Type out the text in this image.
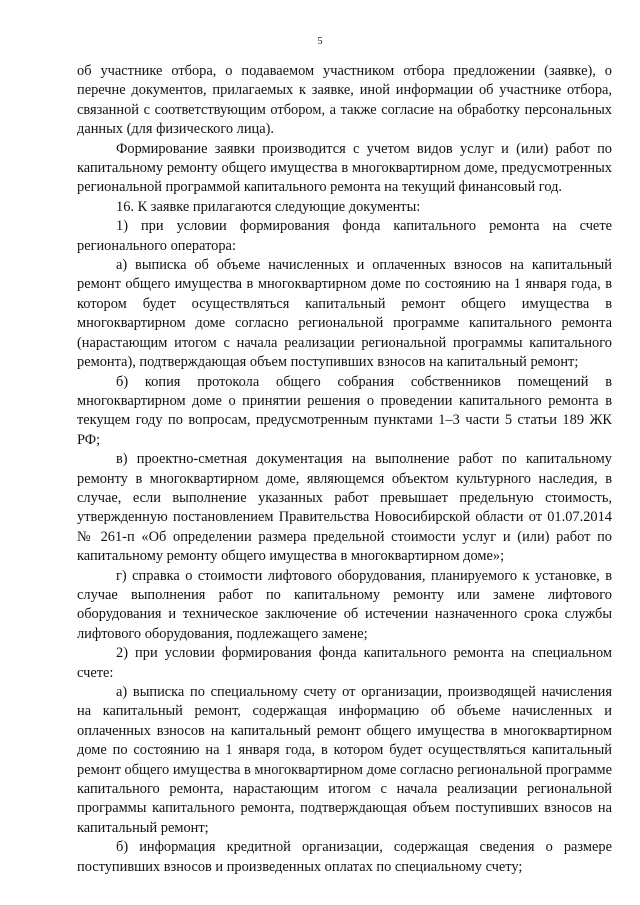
5

об участнике отбора, о подаваемом участником отбора предложении (заявке), о перечне документов, прилагаемых к заявке, иной информации об участнике отбора, связанной с соответствующим отбором, а также согласие на обработку персональных данных (для физического лица).

Формирование заявки производится с учетом видов услуг и (или) работ по капитальному ремонту общего имущества в многоквартирном доме, предусмотренных региональной программой капитального ремонта на текущий финансовый год.

16. К заявке прилагаются следующие документы:

1) при условии формирования фонда капитального ремонта на счете регионального оператора:

а) выписка об объеме начисленных и оплаченных взносов на капитальный ремонт общего имущества в многоквартирном доме по состоянию на 1 января года, в котором будет осуществляться капитальный ремонт общего имущества в многоквартирном доме согласно региональной программе капитального ремонта (нарастающим итогом с начала реализации региональной программы капитального ремонта), подтверждающая объем поступивших взносов на капитальный ремонт;

б) копия протокола общего собрания собственников помещений в многоквартирном доме о принятии решения о проведении капитального ремонта в текущем году по вопросам, предусмотренным пунктами 1–3 части 5 статьи 189 ЖК РФ;

в) проектно-сметная документация на выполнение работ по капитальному ремонту в многоквартирном доме, являющемся объектом культурного наследия, в случае, если выполнение указанных работ превышает предельную стоимость, утвержденную постановлением Правительства Новосибирской области от 01.07.2014 № 261-п «Об определении размера предельной стоимости услуг и (или) работ по капитальному ремонту общего имущества в многоквартирном доме»;

г) справка о стоимости лифтового оборудования, планируемого к установке, в случае выполнения работ по капитальному ремонту или замене лифтового оборудования и техническое заключение об истечении назначенного срока службы лифтового оборудования, подлежащего замене;

2) при условии формирования фонда капитального ремонта на специальном счете:

а) выписка по специальному счету от организации, производящей начисления на капитальный ремонт, содержащая информацию об объеме начисленных и оплаченных взносов на капитальный ремонт общего имущества в многоквартирном доме по состоянию на 1 января года, в котором будет осуществляться капитальный ремонт общего имущества в многоквартирном доме согласно региональной программе капитального ремонта, нарастающим итогом с начала реализации региональной программы капитального ремонта, подтверждающая объем поступивших взносов на капитальный ремонт;

б) информация кредитной организации, содержащая сведения о размере поступивших взносов и произведенных оплатах по специальному счету;
